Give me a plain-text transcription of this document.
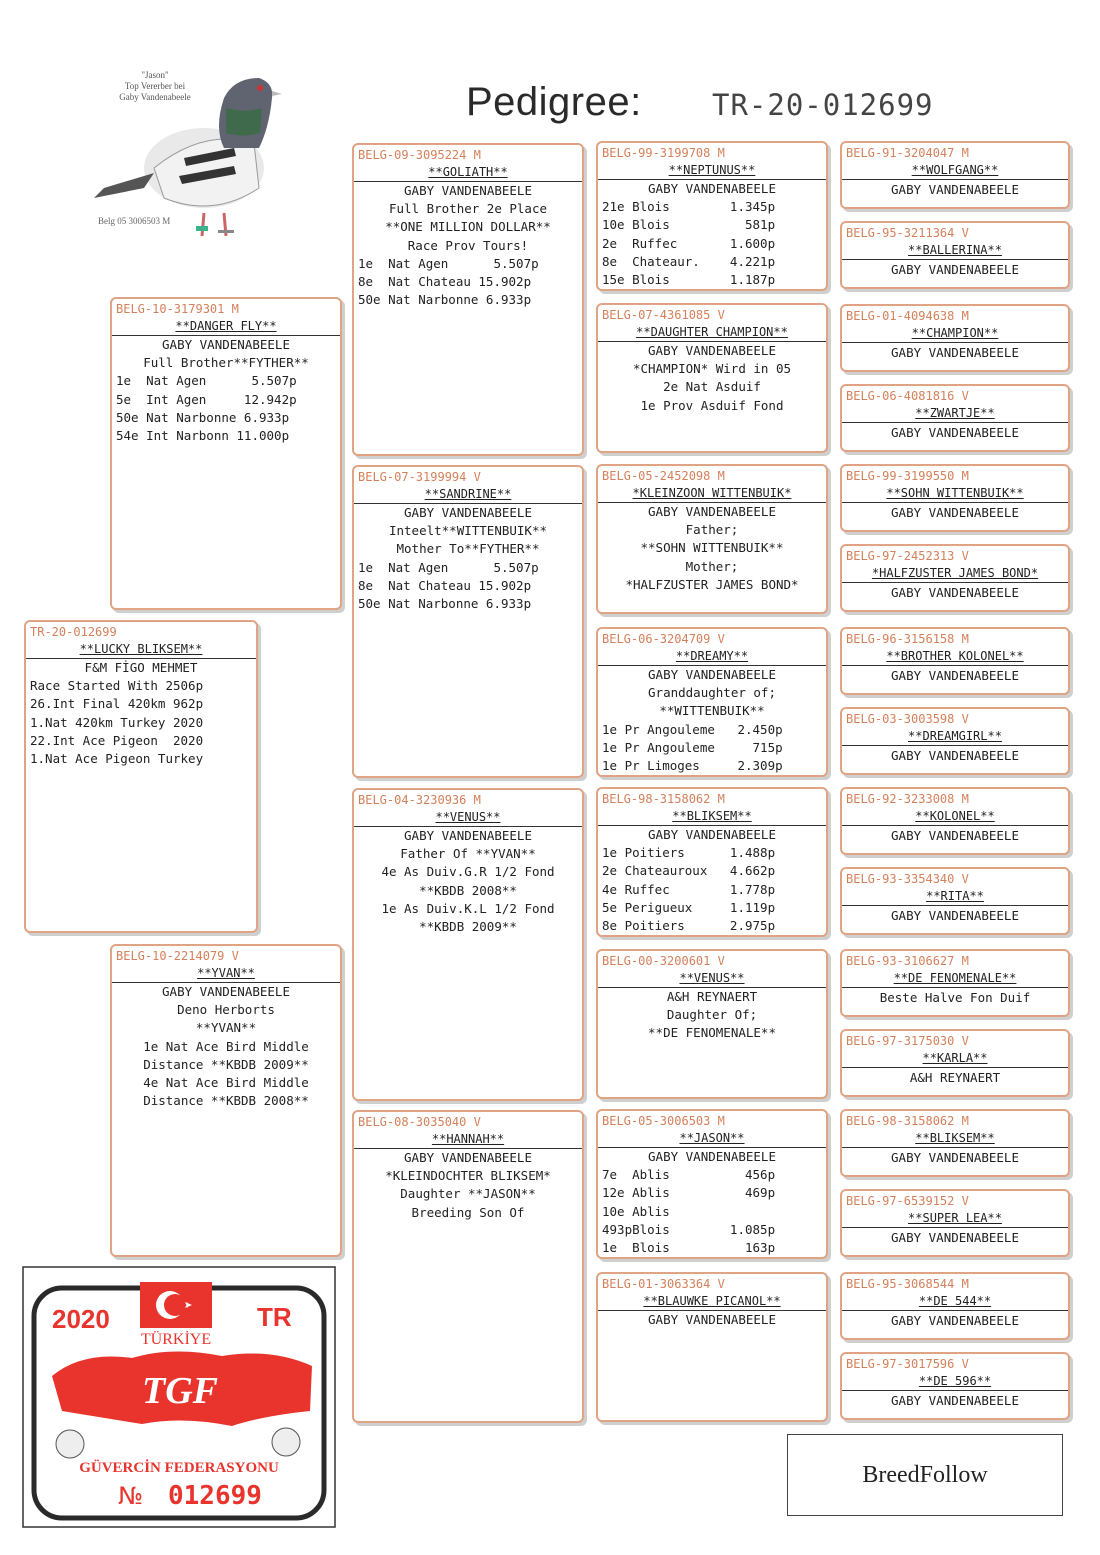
Pedigree: TR-20-012699
"Jason"
Top Vererber bei
Gaby Vandenabeele
Belg 05 3006503 M
TR-20-012699
**LUCKY BLIKSEM**
F&M FİGO MEHMET
Race Started With 2506p
26.Int Final 420km 962p
1.Nat 420km Turkey 2020
22.Int Ace Pigeon  2020
1.Nat Ace Pigeon Turkey
BELG-10-3179301 M
**DANGER FLY**
GABY VANDENABEELE
Full Brother**FYTHER**
1e  Nat Agen      5.507p
5e  Int Agen     12.942p
50e Nat Narbonne 6.933p
54e Int Narbonn 11.000p
BELG-10-2214079 V
**YVAN**
GABY VANDENABEELE
Deno Herborts
**YVAN**
1e Nat Ace Bird Middle
Distance **KBDB 2009**
4e Nat Ace Bird Middle
Distance **KBDB 2008**
BELG-09-3095224 M
**GOLIATH**
GABY VANDENABEELE
Full Brother 2e Place
**ONE MILLION DOLLAR**
Race Prov Tours!
1e  Nat Agen      5.507p
8e  Nat Chateau 15.902p
50e Nat Narbonne 6.933p
BELG-07-3199994 V
**SANDRINE**
GABY VANDENABEELE
Inteelt**WITTENBUIK**
Mother To**FYTHER**
1e  Nat Agen      5.507p
8e  Nat Chateau 15.902p
50e Nat Narbonne 6.933p
BELG-04-3230936 M
**VENUS**
GABY VANDENABEELE
Father Of **YVAN**
4e As Duiv.G.R 1/2 Fond
**KBDB 2008**
1e As Duiv.K.L 1/2 Fond
**KBDB 2009**
BELG-08-3035040 V
**HANNAH**
GABY VANDENABEELE
*KLEINDOCHTER BLIKSEM*
Daughter **JASON**
Breeding Son Of
BELG-99-3199708 M
**NEPTUNUS**
GABY VANDENABEELE
21e Blois        1.345p
10e Blois          581p
2e  Ruffec       1.600p
8e  Chateaur.    4.221p
15e Blois        1.187p
BELG-07-4361085 V
**DAUGHTER CHAMPION**
GABY VANDENABEELE
*CHAMPION* Wird in 05
2e Nat Asduif
1e Prov Asduif Fond
BELG-05-2452098 M
*KLEINZOON WITTENBUIK*
GABY VANDENABEELE
Father;
**SOHN WITTENBUIK**
Mother;
*HALFZUSTER JAMES BOND*
BELG-06-3204709 V
**DREAMY**
GABY VANDENABEELE
Granddaughter of;
**WITTENBUIK**
1e Pr Angouleme   2.450p
1e Pr Angouleme     715p
1e Pr Limoges     2.309p
BELG-98-3158062 M
**BLIKSEM**
GABY VANDENABEELE
1e Poitiers      1.488p
2e Chateauroux   4.662p
4e Ruffec        1.778p
5e Perigueux     1.119p
8e Poitiers      2.975p
BELG-00-3200601 V
**VENUS**
A&H REYNAERT
Daughter Of;
**DE FENOMENALE**
BELG-05-3006503 M
**JASON**
GABY VANDENABEELE
7e  Ablis          456p
12e Ablis          469p
10e Ablis
493pBlois        1.085p
1e  Blois          163p
BELG-01-3063364 V
**BLAUWKE PICANOL**
GABY VANDENABEELE
BELG-91-3204047 M
**WOLFGANG**
GABY VANDENABEELE
BELG-95-3211364 V
**BALLERINA**
GABY VANDENABEELE
BELG-01-4094638 M
**CHAMPION**
GABY VANDENABEELE
BELG-06-4081816 V
**ZWARTJE**
GABY VANDENABEELE
BELG-99-3199550 M
**SOHN WITTENBUIK**
GABY VANDENABEELE
BELG-97-2452313 V
*HALFZUSTER JAMES BOND*
GABY VANDENABEELE
BELG-96-3156158 M
**BROTHER KOLONEL**
GABY VANDENABEELE
BELG-03-3003598 V
**DREAMGIRL**
GABY VANDENABEELE
BELG-92-3233008 M
**KOLONEL**
GABY VANDENABEELE
BELG-93-3354340 V
**RITA**
GABY VANDENABEELE
BELG-93-3106627 M
**DE FENOMENALE**
Beste Halve Fon Duif
BELG-97-3175030 V
**KARLA**
A&H REYNAERT
BELG-98-3158062 M
**BLIKSEM**
GABY VANDENABEELE
BELG-97-6539152 V
**SUPER LEA**
GABY VANDENABEELE
BELG-95-3068544 M
**DE 544**
GABY VANDENABEELE
BELG-97-3017596 V
**DE 596**
GABY VANDENABEELE
2020	TR
TÜRKİYE
TGF
GÜVERCİN FEDERASYONU
№ 012699
BreedFollow
